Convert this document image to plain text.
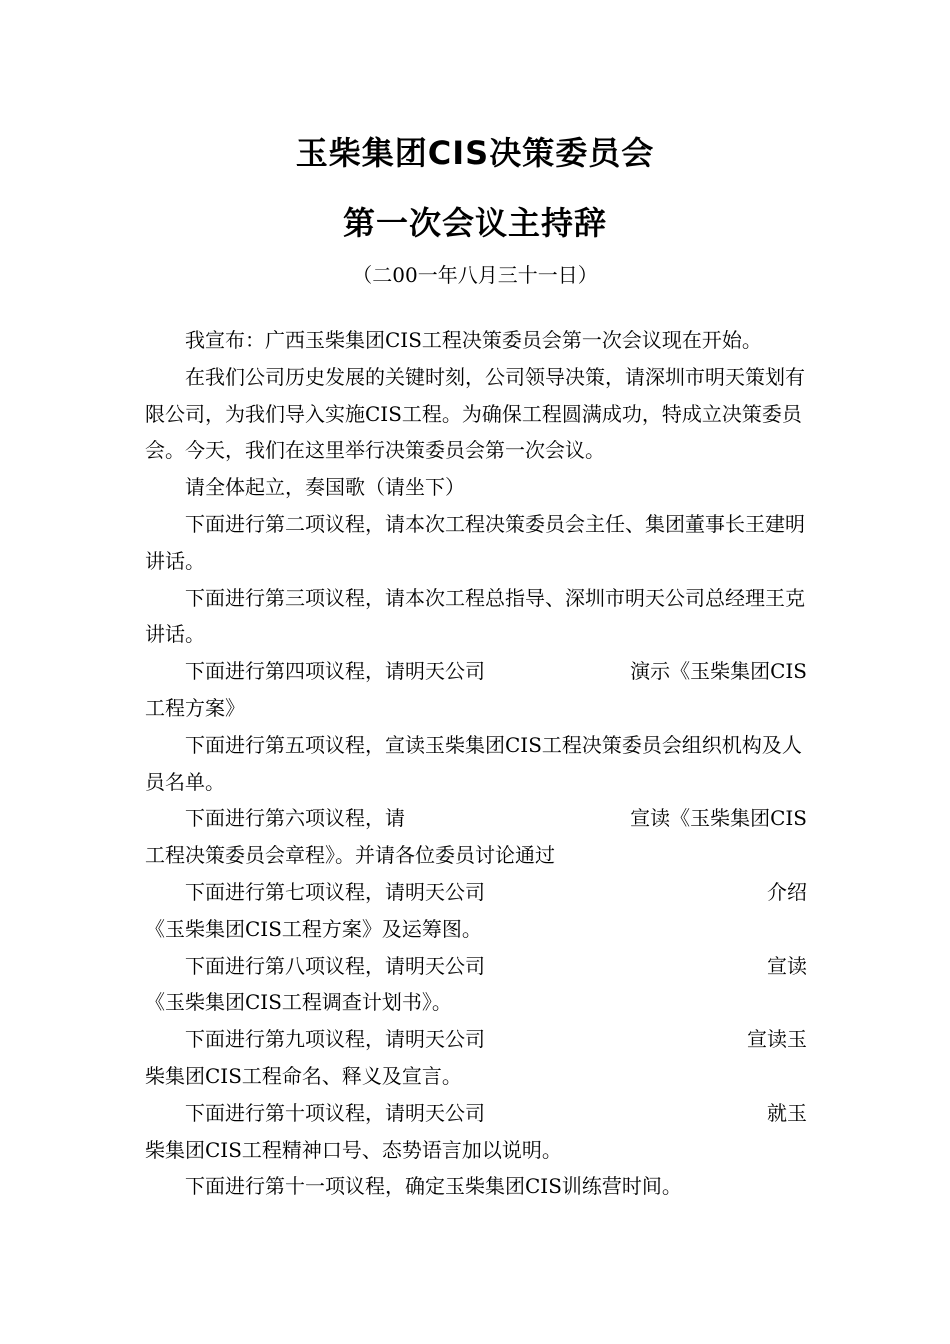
玉柴集团CIS决策委员会
第一次会议主持辞
（二00一年八月三十一日）

我宣布：广西玉柴集团CIS工程决策委员会第一次会议现在开始。

在我们公司历史发展的关键时刻，公司领导决策，请深圳市明天策划有限公司，为我们导入实施CIS工程。为确保工程圆满成功，特成立决策委员会。今天，我们在这里举行决策委员会第一次会议。

请全体起立，奏国歌（请坐下）

下面进行第二项议程，请本次工程决策委员会主任、集团董事长王建明讲话。

下面进行第三项议程，请本次工程总指导、深圳市明天公司总经理王克讲话。

下面进行第四项议程，请明天公司	演示《玉柴集团CIS
工程方案》

下面进行第五项议程，宣读玉柴集团CIS工程决策委员会组织机构及人员名单。

下面进行第六项议程，请	宣读《玉柴集团CIS
工程决策委员会章程》。并请各位委员讨论通过
下面进行第七项议程，请明天公司	介绍
《玉柴集团CIS工程方案》及运筹图。
下面进行第八项议程，请明天公司	宣读
《玉柴集团CIS工程调查计划书》。
下面进行第九项议程，请明天公司	宣读玉
柴集团CIS工程命名、释义及宣言。
下面进行第十项议程，请明天公司	就玉
柴集团CIS工程精神口号、态势语言加以说明。

下面进行第十一项议程，确定玉柴集团CIS训练营时间。
